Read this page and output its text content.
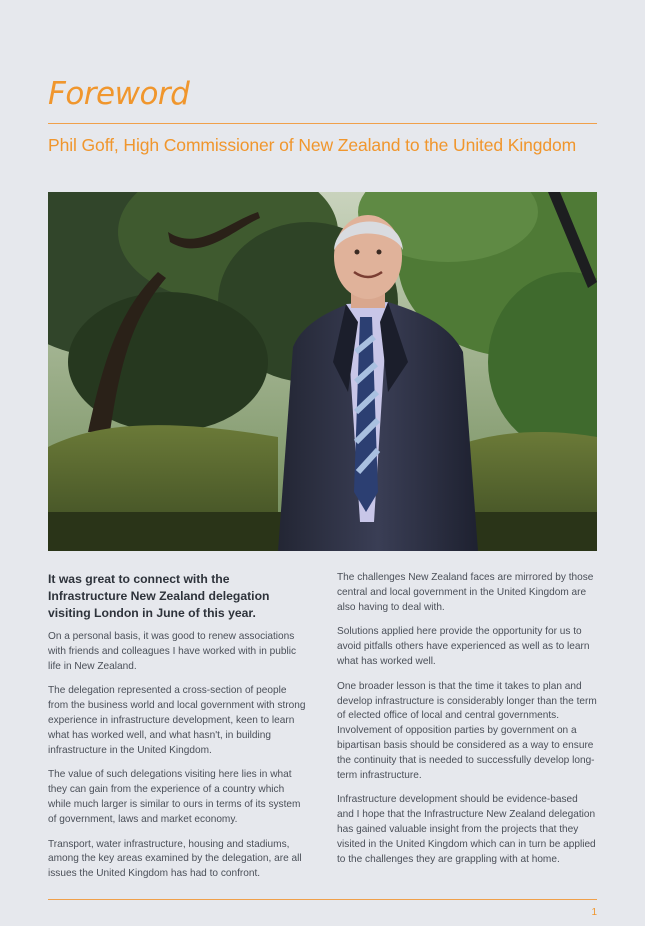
Foreword
Phil Goff, High Commissioner of New Zealand to the United Kingdom

It was great to connect with the Infrastructure New Zealand delegation visiting London in June of this year.

On a personal basis, it was good to renew associations with friends and colleagues I have worked with in public life in New Zealand.

The delegation represented a cross-section of people from the business world and local government with strong experience in infrastructure development, keen to learn what has worked well, and what hasn't, in building infrastructure in the United Kingdom.

The value of such delegations visiting here lies in what they can gain from the experience of a country which while much larger is similar to ours in terms of its system of government, laws and market economy.

Transport, water infrastructure, housing and stadiums, among the key areas examined by the delegation, are all issues the United Kingdom has had to confront.

The challenges New Zealand faces are mirrored by those central and local government in the United Kingdom are also having to deal with.

Solutions applied here provide the opportunity for us to avoid pitfalls others have experienced as well as to learn what has worked well.

One broader lesson is that the time it takes to plan and develop infrastructure is considerably longer than the term of elected office of local and central governments. Involvement of opposition parties by government on a bipartisan basis should be considered as a way to ensure the continuity that is needed to successfully develop long-term infrastructure.

Infrastructure development should be evidence-based and I hope that the Infrastructure New Zealand delegation has gained valuable insight from the projects that they visited in the United Kingdom which can in turn be applied to the challenges they are grappling with at home.

1
